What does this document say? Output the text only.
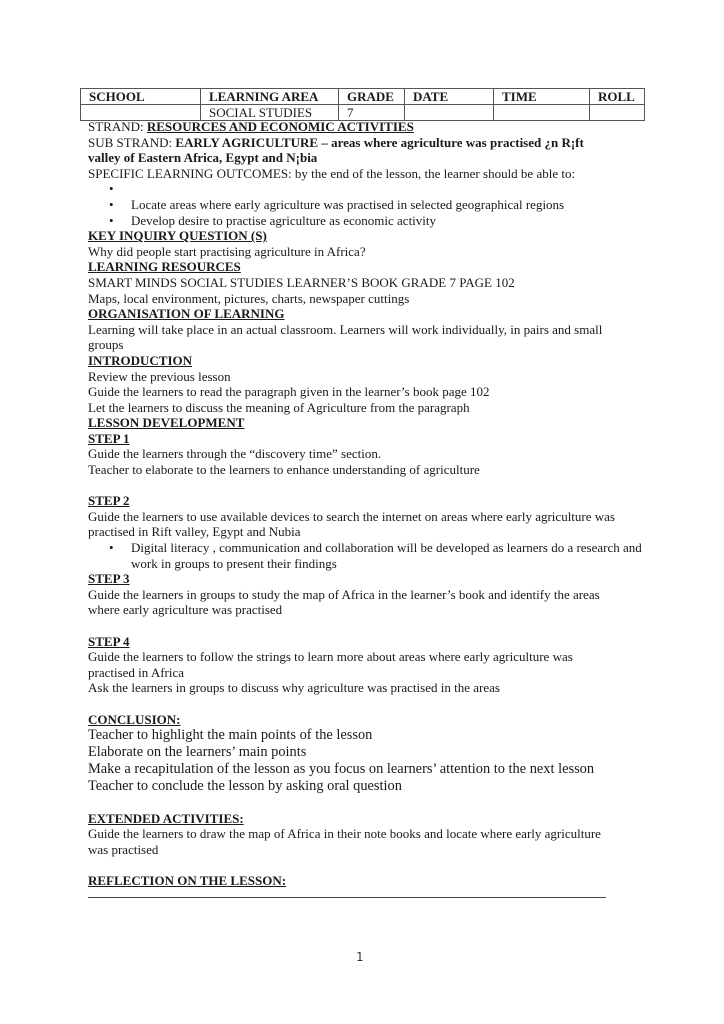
SCHOOL	LEARNING AREA	GRADE	DATE	TIME	ROLL
	SOCIAL STUDIES	7			
STRAND: RESOURCES AND ECONOMIC ACTIVITIES
SUB STRAND: EARLY AGRICULTURE – areas where agriculture was practised ¿n R¡ft
valley of Eastern Africa, Egypt and N¡bia
SPECIFIC LEARNING OUTCOMES: by the end of the lesson, the learner should be able to:
•
• Locate areas where early agriculture was practised in selected geographical regions
• Develop desire to practise agriculture as economic activity
KEY INQUIRY QUESTION (S)
Why did people start practising agriculture in Africa?
LEARNING RESOURCES
SMART MINDS SOCIAL STUDIES LEARNER’S BOOK GRADE 7 PAGE 102
Maps, local environment, pictures, charts, newspaper cuttings
ORGANISATION OF LEARNING
Learning will take place in an actual classroom. Learners will work individually, in pairs and small
groups
INTRODUCTION
Review the previous lesson
Guide the learners to read the paragraph given in the learner’s book page 102
Let the learners to discuss the meaning of Agriculture from the paragraph
LESSON DEVELOPMENT
STEP 1
Guide the learners through the “discovery time” section.
Teacher to elaborate to the learners to enhance understanding of agriculture
STEP 2
Guide the learners to use available devices to search the internet on areas where early agriculture was
practised in Rift valley, Egypt and Nubia
• Digital literacy , communication and collaboration will be developed as learners do a research and work in groups to present their findings
STEP 3
Guide the learners in groups to study the map of Africa in the learner’s book and identify the areas
where early agriculture was practised
STEP 4
Guide the learners to follow the strings to learn more about areas where early agriculture was
practised in Africa
Ask the learners in groups to discuss why agriculture was practised in the areas
CONCLUSION:
Teacher to highlight the main points of the lesson
Elaborate on the learners’ main points
Make a recapitulation of the lesson as you focus on learners’ attention to the next lesson
Teacher to conclude the lesson by asking oral question
EXTENDED ACTIVITIES:
Guide the learners to draw the map of Africa in their note books and locate where early agriculture
was practised
REFLECTION ON THE LESSON:
1
